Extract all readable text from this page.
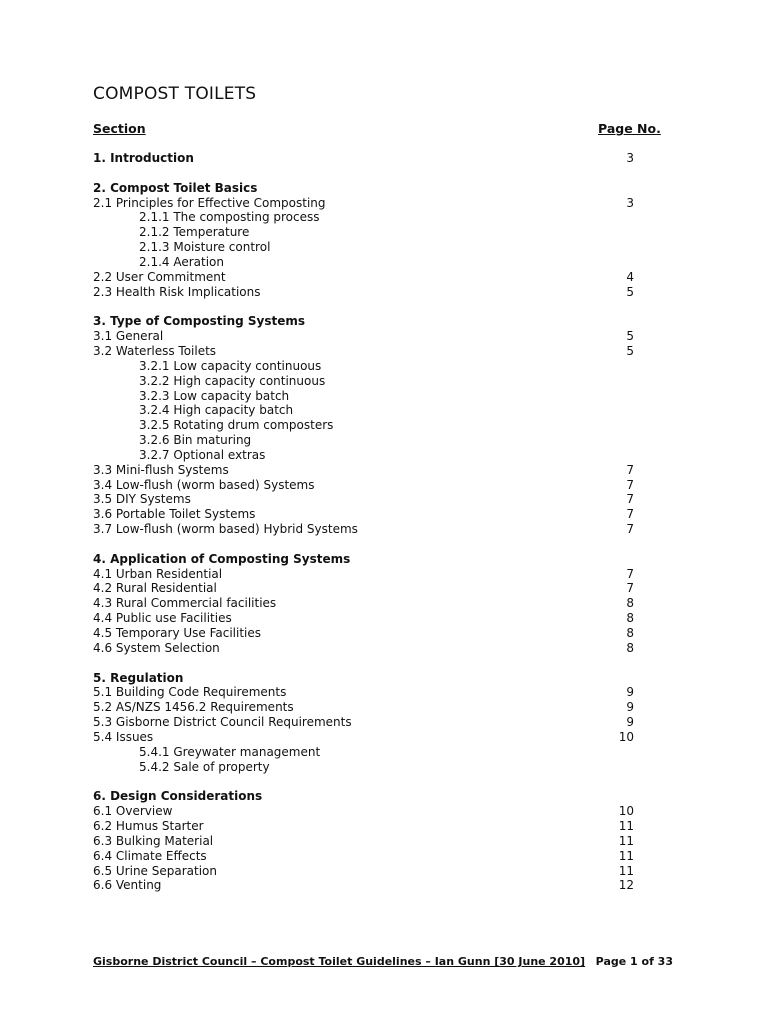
COMPOST TOILETS
Section	Page No.
1. Introduction	3
2. Compost Toilet Basics
2.1 Principles for Effective Composting	3
2.1.1 The composting process
2.1.2 Temperature
2.1.3 Moisture control
2.1.4 Aeration
2.2 User Commitment	4
2.3 Health Risk Implications	5
3. Type of Composting Systems
3.1 General	5
3.2 Waterless Toilets	5
3.2.1 Low capacity continuous
3.2.2 High capacity continuous
3.2.3 Low capacity batch
3.2.4 High capacity batch
3.2.5 Rotating drum composters
3.2.6 Bin maturing
3.2.7 Optional extras
3.3 Mini-flush Systems	7
3.4 Low-flush (worm based) Systems	7
3.5 DIY Systems	7
3.6 Portable Toilet Systems	7
3.7 Low-flush (worm based) Hybrid Systems	7
4. Application of Composting Systems
4.1 Urban Residential	7
4.2 Rural Residential	7
4.3 Rural Commercial facilities	8
4.4 Public use Facilities	8
4.5 Temporary Use Facilities	8
4.6 System Selection	8
5. Regulation
5.1 Building Code Requirements	9
5.2 AS/NZS 1456.2 Requirements	9
5.3 Gisborne District Council Requirements	9
5.4 Issues	10
5.4.1 Greywater management
5.4.2 Sale of property
6. Design Considerations
6.1 Overview	10
6.2 Humus Starter	11
6.3 Bulking Material	11
6.4 Climate Effects	11
6.5 Urine Separation	11
6.6 Venting	12
Gisborne District Council – Compost Toilet Guidelines – Ian Gunn [30 June 2010] Page 1 of 33
